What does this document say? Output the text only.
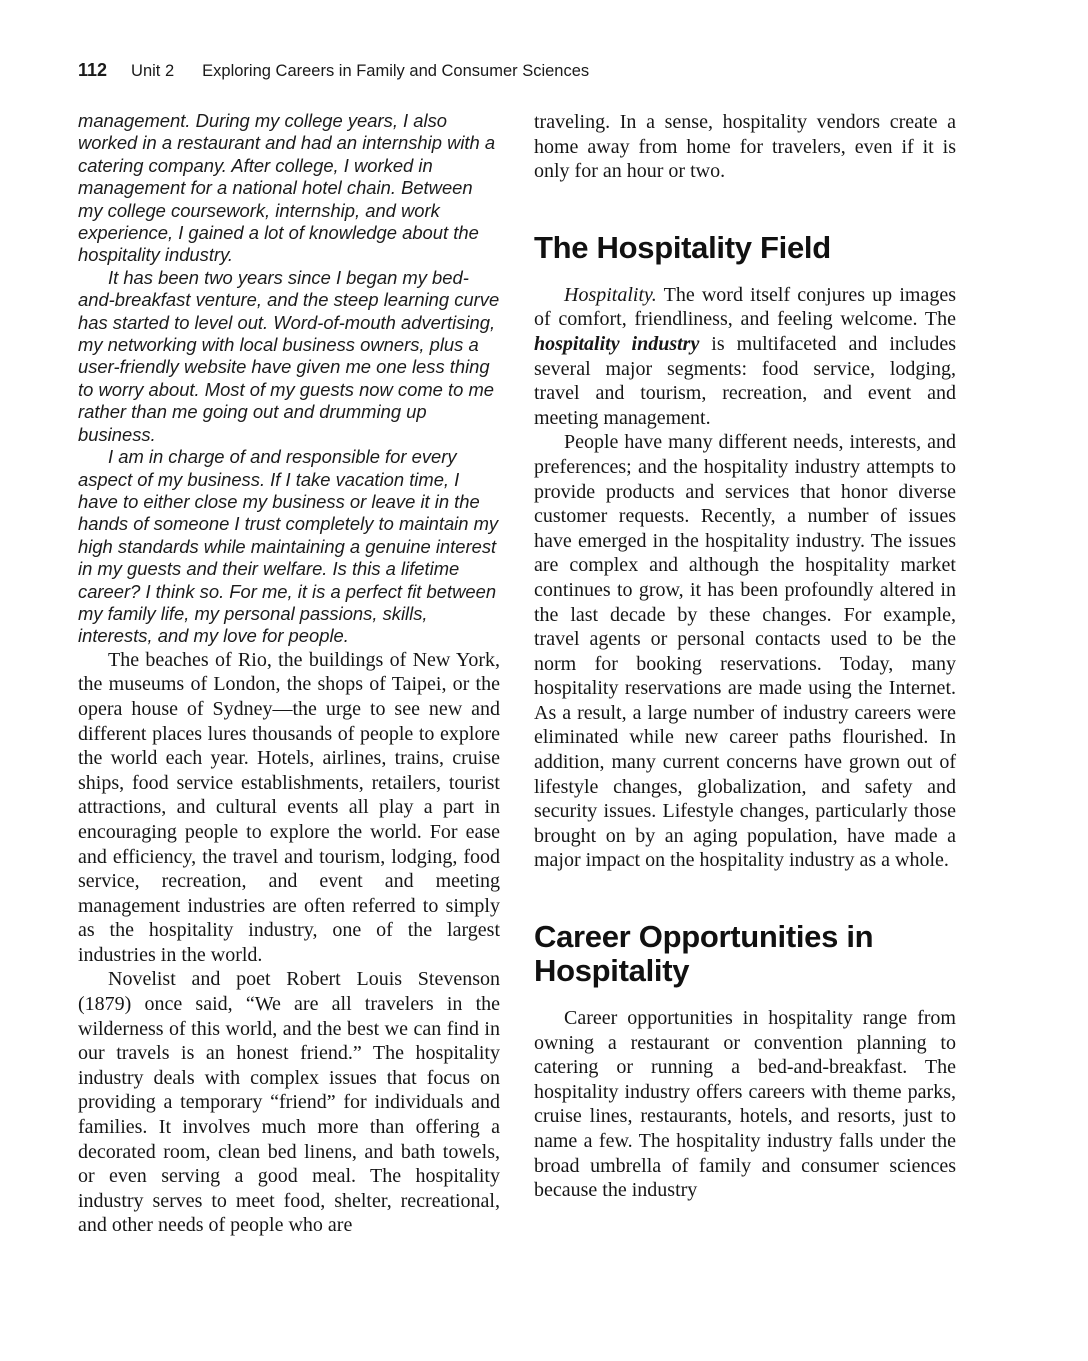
112 Unit 2 Exploring Careers in Family and Consumer Sciences

management. During my college years, I also worked in a restaurant and had an internship with a catering company. After college, I worked in management for a national hotel chain. Between my college coursework, internship, and work experience, I gained a lot of knowledge about the hospitality industry.

It has been two years since I began my bed-and-breakfast venture, and the steep learning curve has started to level out. Word-of-mouth advertising, my networking with local business owners, plus a user-friendly website have given me one less thing to worry about. Most of my guests now come to me rather than me going out and drumming up business.

I am in charge of and responsible for every aspect of my business. If I take vacation time, I have to either close my business or leave it in the hands of someone I trust completely to maintain my high standards while maintaining a genuine interest in my guests and their welfare. Is this a lifetime career? I think so. For me, it is a perfect fit between my family life, my personal passions, skills, interests, and my love for people.

The beaches of Rio, the buildings of New York, the museums of London, the shops of Taipei, or the opera house of Sydney—the urge to see new and different places lures thousands of people to explore the world each year. Hotels, airlines, trains, cruise ships, food service establishments, retailers, tourist attractions, and cultural events all play a part in encouraging people to explore the world. For ease and efficiency, the travel and tourism, lodging, food service, recreation, and event and meeting management industries are often referred to simply as the hospitality industry, one of the largest industries in the world.

Novelist and poet Robert Louis Stevenson (1879) once said, “We are all travelers in the wilderness of this world, and the best we can find in our travels is an honest friend.” The hospitality industry deals with complex issues that focus on providing a temporary “friend” for individuals and families. It involves much more than offering a decorated room, clean bed linens, and bath towels, or even serving a good meal. The hospitality industry serves to meet food, shelter, recreational, and other needs of people who are

traveling. In a sense, hospitality vendors create a home away from home for travelers, even if it is only for an hour or two.

The Hospitality Field

Hospitality. The word itself conjures up images of comfort, friendliness, and feeling welcome. The hospitality industry is multifaceted and includes several major segments: food service, lodging, travel and tourism, recreation, and event and meeting management.

People have many different needs, interests, and preferences; and the hospitality industry attempts to provide products and services that honor diverse customer requests. Recently, a number of issues have emerged in the hospitality industry. The issues are complex and although the hospitality market continues to grow, it has been profoundly altered in the last decade by these changes. For example, travel agents or personal contacts used to be the norm for booking reservations. Today, many hospitality reservations are made using the Internet. As a result, a large number of industry careers were eliminated while new career paths flourished. In addition, many current concerns have grown out of lifestyle changes, globalization, and safety and security issues. Lifestyle changes, particularly those brought on by an aging population, have made a major impact on the hospitality industry as a whole.

Career Opportunities in Hospitality

Career opportunities in hospitality range from owning a restaurant or convention planning to catering or running a bed-and-breakfast. The hospitality industry offers careers with theme parks, cruise lines, restaurants, hotels, and resorts, just to name a few. The hospitality industry falls under the broad umbrella of family and consumer sciences because the industry
